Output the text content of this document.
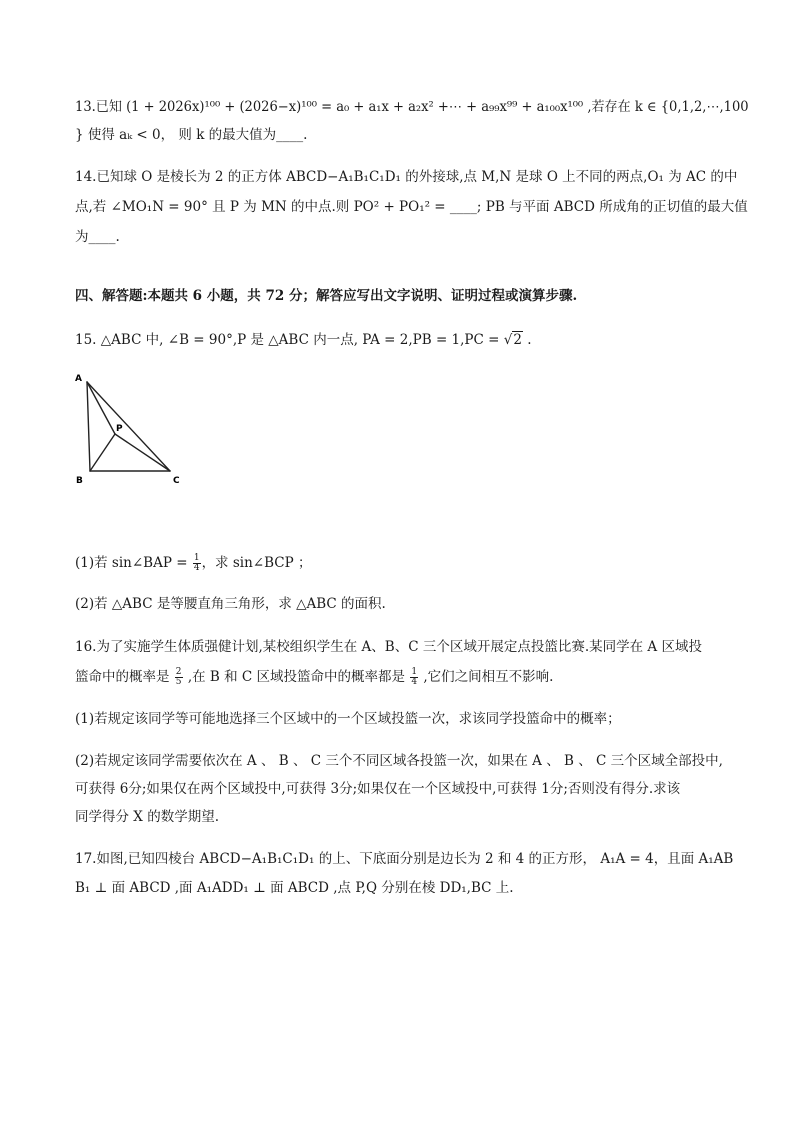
13.已知 (1 + 2026x)¹⁰⁰ + (2026−x)¹⁰⁰ = a₀ + a₁x + a₂x² +⋯ + a₉₉x⁹⁹ + a₁₀₀x¹⁰⁰ ,若存在 k ∈ {0,1,2,⋯,100
} 使得 aₖ < 0， 则 k 的最大值为____.
14.已知球 O 是棱长为 2 的正方体 ABCD−A₁B₁C₁D₁ 的外接球,点 M,N 是球 O 上不同的两点,O₁ 为 AC 的中
点,若 ∠MO₁N = 90° 且 P 为 MN 的中点.则 PO² + PO₁² = ____; PB 与平面 ABCD 所成角的正切值的最大值
为____.
四、解答题:本题共 6 小题，共 72 分；解答应写出文字说明、证明过程或演算步骤.
15. △ABC 中, ∠B = 90°,P 是 △ABC 内一点, PA = 2,PB = 1,PC = √2 .
A
P
B	C
(1)若 sin∠BAP = $\frac{1}{4}$ ，求 sin∠BCP ；
(2)若 △ABC 是等腰直角三角形，求 △ABC 的面积.
16.为了实施学生体质强健计划,某校组织学生在 A、B、C 三个区域开展定点投篮比赛.某同学在 A 区域投
篮命中的概率是 $\frac{2}{5}$ ,在 B 和 C 区域投篮命中的概率都是 $\frac{1}{4}$ ,它们之间相互不影响.
(1)若规定该同学等可能地选择三个区域中的一个区域投篮一次，求该同学投篮命中的概率；
(2)若规定该同学需要依次在 A 、 B 、 C 三个不同区域各投篮一次，如果在 A 、 B 、 C 三个区域全部投中,
可获得 6分;如果仅在两个区域投中,可获得 3分;如果仅在一个区域投中,可获得 1分;否则没有得分.求该
同学得分 X 的数学期望.
17.如图,已知四棱台 ABCD−A₁B₁C₁D₁ 的上、下底面分别是边长为 2 和 4 的正方形， A₁A = 4，且面 A₁AB
B₁ ⊥ 面 ABCD ,面 A₁ADD₁ ⊥ 面 ABCD ,点 P,Q 分别在棱 DD₁,BC 上.
